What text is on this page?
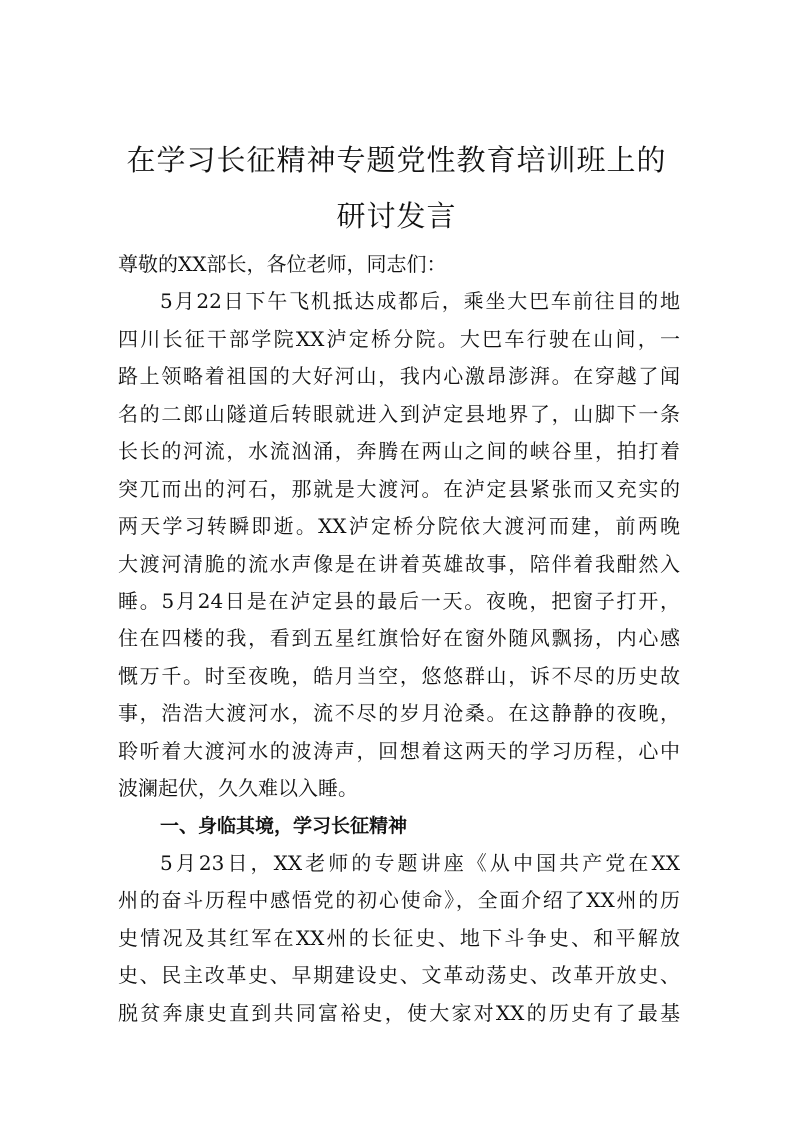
在学习长征精神专题党性教育培训班上的
研讨发言
尊敬的XX部长，各位老师，同志们：
5月22日下午飞机抵达成都后，乘坐大巴车前往目的地
四川长征干部学院XX泸定桥分院。大巴车行驶在山间，一
路上领略着祖国的大好河山，我内心激昂澎湃。在穿越了闻
名的二郎山隧道后转眼就进入到泸定县地界了，山脚下一条
长长的河流，水流汹涌，奔腾在两山之间的峡谷里，拍打着
突兀而出的河石，那就是大渡河。在泸定县紧张而又充实的
两天学习转瞬即逝。XX泸定桥分院依大渡河而建，前两晚
大渡河清脆的流水声像是在讲着英雄故事，陪伴着我酣然入
睡。5月24日是在泸定县的最后一天。夜晚，把窗子打开，
住在四楼的我，看到五星红旗恰好在窗外随风飘扬，内心感
慨万千。时至夜晚，皓月当空，悠悠群山，诉不尽的历史故
事，浩浩大渡河水，流不尽的岁月沧桑。在这静静的夜晚，
聆听着大渡河水的波涛声，回想着这两天的学习历程，心中
波澜起伏，久久难以入睡。
一、身临其境，学习长征精神
5月23日，XX老师的专题讲座《从中国共产党在XX
州的奋斗历程中感悟党的初心使命》，全面介绍了XX州的历
史情况及其红军在XX州的长征史、地下斗争史、和平解放
史、民主改革史、早期建设史、文革动荡史、改革开放史、
脱贫奔康史直到共同富裕史，使大家对XX的历史有了最基
